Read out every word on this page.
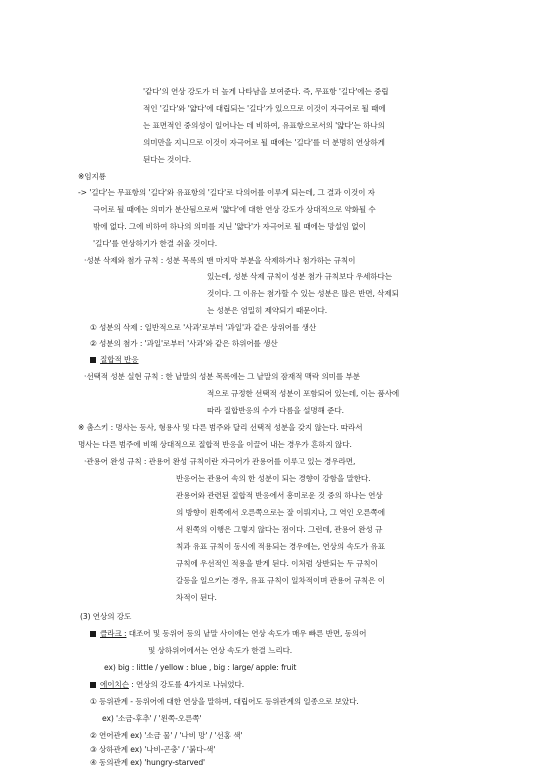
'같다'의 연상 강도가 더 높게 나타남을 보여준다. 즉, 무표항 '길다'에는 중립
적인 '길다'와 '얇다'에 대립되는 '길다'가 있으므로 이것이 자극어로 될 때에
는 표면적인 중의성이 일어나는 데 비하여, 유표항으로서의 '얇다'는 하나의
의미만을 지니므로 이것이 자극어로 될 때에는 '길다'를 더 분명히 연상하게
된다는 것이다.
※임지룡
-> '길다'는 무표항의 '길다'와 유표항의 '길다'로 다의어를 이루게 되는데, 그 결과 이것이 자
극어로 될 때에는 의미가 분산됨으로써 '얇다'에 대한 연상 강도가 상대적으로 약화될 수
밖에 없다. 그에 비하여 하나의 의미를 지닌 '얇다'가 자극어로 될 때에는 망설임 없이
'길다'를 연상하기가 한결 쉬울 것이다.
·성분 삭제와 첨가 규칙 : 성분 목록의 맨 마지막 부분을 삭제하거나 첨가하는 규칙이
있는데, 성분 삭제 규칙이 성분 첨가 규칙보다 우세하다는
것이다. 그 이유는 첨가할 수 있는 성분은 많은 반면, 삭제되
는 성분은 엄밀히 제약되기 때문이다.
① 성분의 삭제 : 일반적으로 '사과'로부터 '과일'과 같은 상위어를 생산
② 성분의 첨가 : '과일'로부터 '사과'와 같은 하위어를 생산
질합적 반응
·선택적 성분 실현 규칙 : 한 낱말의 성분 목록에는 그 낱말의 잠재적 맥락 의미를 부분
적으로 규정한 선택적 성분이 포함되어 있는데, 이는 품사에
따라 질합반응의 수가 다름을 설명해 준다.
※ 촘스키 : 명사는 동사, 형용사 및 다른 범주와 달리 선택적 성분을 갖지 않는다. 따라서
명사는 다른 범주에 비해 상대적으로 질합적 반응을 이끌어 내는 경우가 흔하지 않다.
·관용어 완성 규칙 : 관용어 완성 규칙이란 자극어가 관용어를 이루고 있는 경우라면,
반응어는 관용어 속의 한 성분이 되는 경향이 강함을 말한다.
관용어와 관련된 질합적 반응에서 흥미로운 것 중의 하나는 연상
의 방향이 왼쪽에서 오른쪽으로는 잘 이뤄지나, 그 역인 오른쪽에
서 왼쪽의 이행은 그렇지 않다는 점이다. 그런데, 관용어 완성 규
칙과 유표 규칙이 동시에 적용되는 경우에는, 연상의 속도가 유표
규칙에 우선적인 적용을 받게 된다. 이처럼 상반되는 두 규칙이
갈등을 일으키는 경우, 유표 규칙이 일차적이며 관용어 규칙은 이
차적이 된다.
(3) 연상의 강도
클라크 : 대조어 및 동위어 등의 낱말 사이에는 연상 속도가 매우 빠른 반면, 동의어
및 상하위어에서는 연상 속도가 한결 느리다.
ex) big : little / yellow : blue , big : large/ apple: fruit
에이치슨 : 연상의 강도를 4가지로 나눠었다.
① 등위관계 - 등위어에 대한 연상을 말하며, 대립어도 등위관계의 일종으로 보았다.
ex) '소금-후추' / '왼쪽-오른쪽'
② 연어관계 ex) '소금 물' / '나비 망' / '선홍 색'
③ 상하관계 ex) '나비-곤충' / '붉다-색'
④ 동의관계 ex) 'hungry-starved'
